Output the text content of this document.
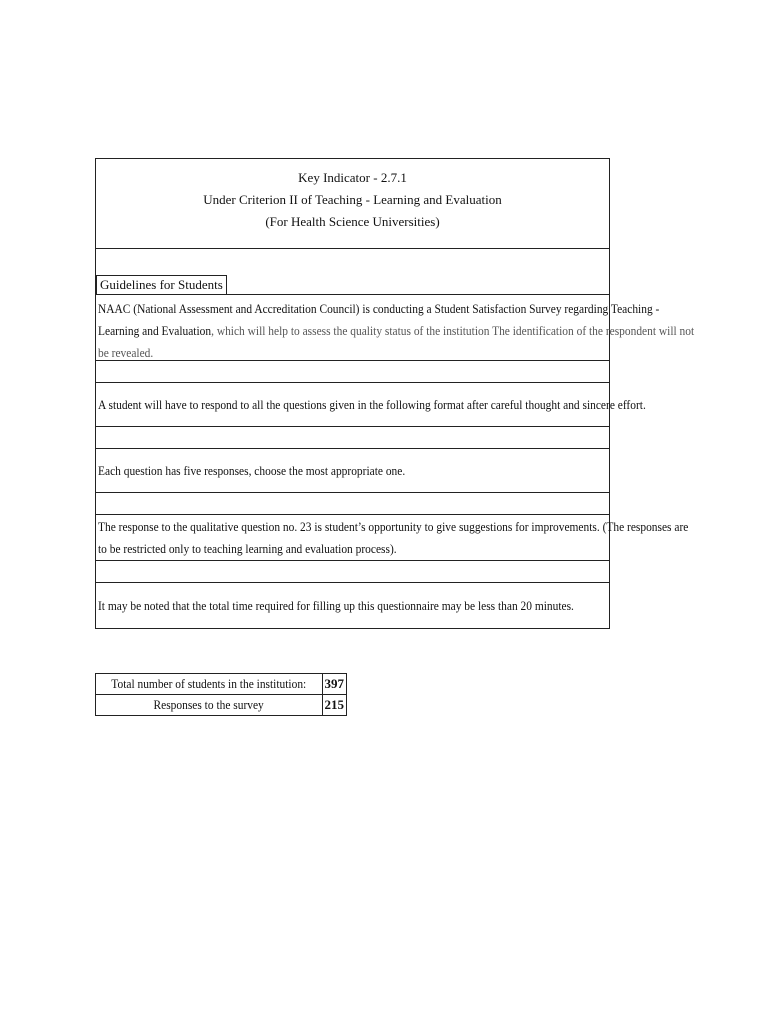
Key Indicator - 2.7.1
Under Criterion II of Teaching - Learning and Evaluation
(For Health Science Universities)
Guidelines for Students
NAAC (National Assessment and Accreditation Council) is conducting a Student Satisfaction Survey regarding Teaching -
Learning and Evaluation, which will help to assess the quality status of the institution The identification of the respondent will not
be revealed.
A student will have to respond to all the questions given in the following format after careful thought and sincere effort.
Each question has five responses, choose the most appropriate one.
The response to the qualitative question no. 23 is student’s opportunity to give suggestions for improvements. (The responses are
to be restricted only to teaching learning and evaluation process).
It may be noted that the total time required for filling up this questionnaire may be less than 20 minutes.
Total number of students in the institution:	397
Responses to the survey	215
